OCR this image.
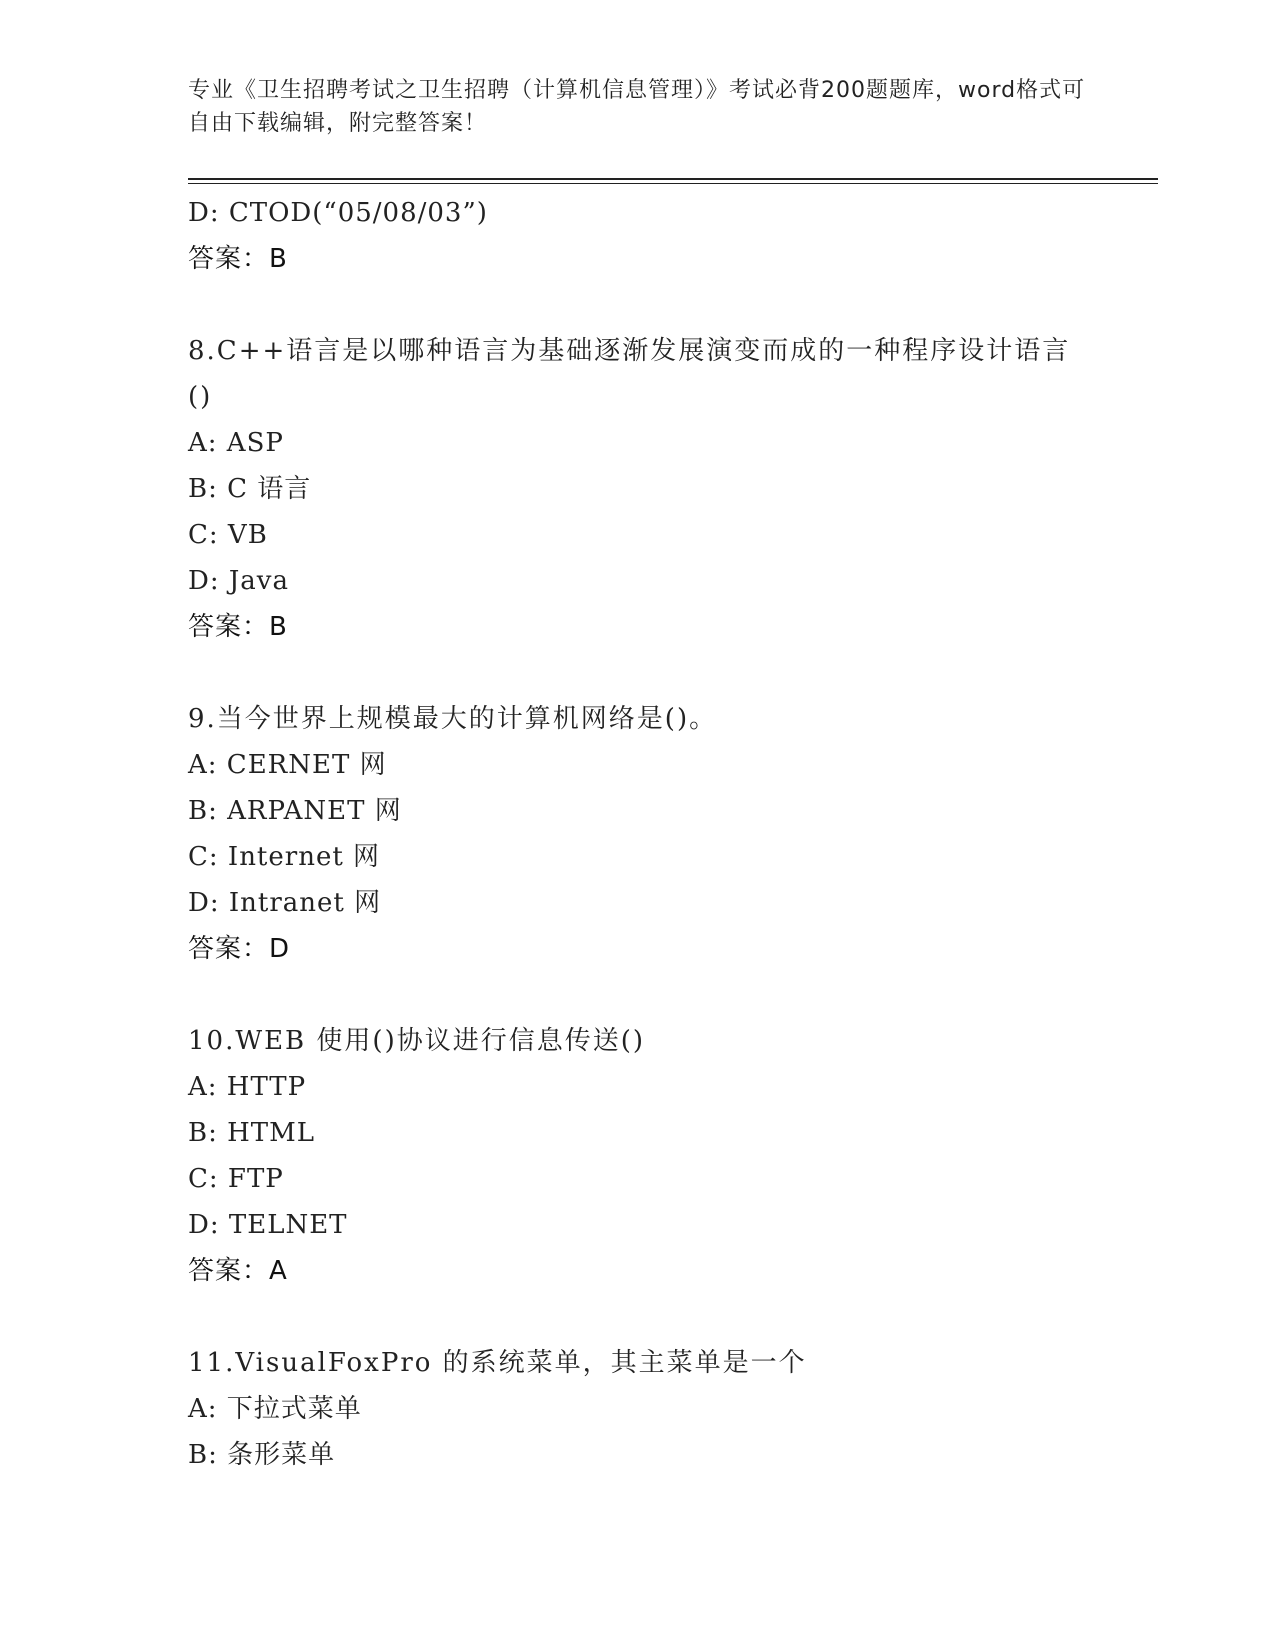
专业《卫生招聘考试之卫生招聘（计算机信息管理）》考试必背200题题库，word格式可自由下载编辑，附完整答案！
D: CTOD(“05/08/03”)
答案：B
8.C++语言是以哪种语言为基础逐渐发展演变而成的一种程序设计语言()
A: ASP
B: C 语言
C: VB
D: Java
答案：B
9.当今世界上规模最大的计算机网络是()。
A: CERNET 网
B: ARPANET 网
C: Internet 网
D: Intranet 网
答案：D
10.WEB 使用()协议进行信息传送()
A: HTTP
B: HTML
C: FTP
D: TELNET
答案：A
11.VisualFoxPro 的系统菜单，其主菜单是一个
A: 下拉式菜单
B: 条形菜单
